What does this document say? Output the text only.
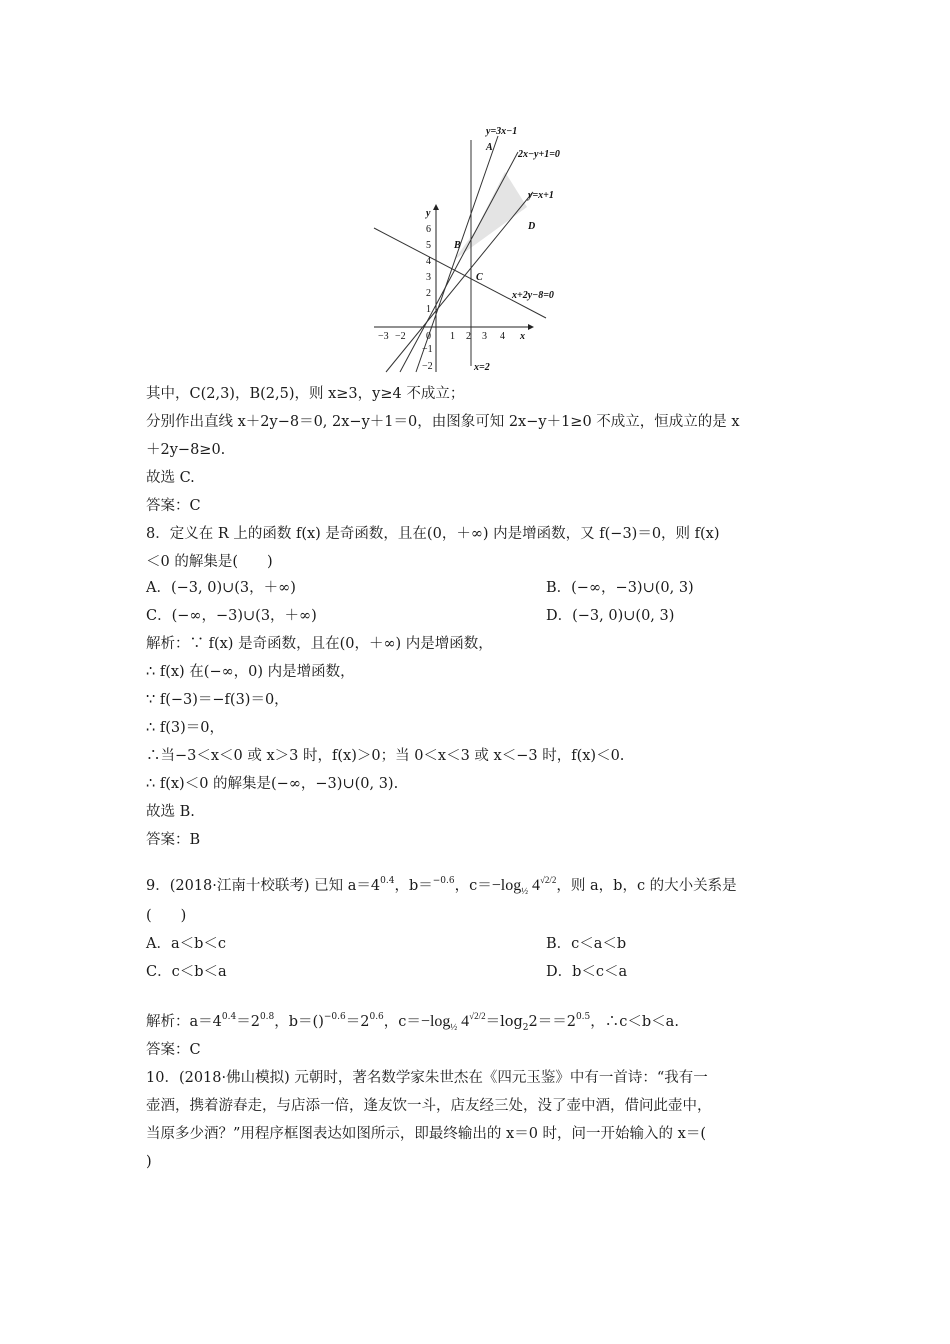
y=3x−1
2x−y+1=0
y=x+1
x+2y−8=0
x=2
A
B
C
D
y
x
0
6
5
4
3
2
1
−1
−2
−3 −2	1 2 3 4
其中，C(2,3)，B(2,5)，则 x≥3，y≥4 不成立；
分别作出直线 x＋2y−8＝0, 2x−y＋1＝0，由图象可知 2x−y＋1≥0 不成立，恒成立的是 x
＋2y−8≥0.
故选 C.
答案：C
8．定义在 R 上的函数 f(x) 是奇函数，且在(0，＋∞) 内是增函数，又 f(−3)＝0，则 f(x)
＜0 的解集是(　　)
A．(−3, 0)∪(3，＋∞)	B．(−∞，−3)∪(0, 3)
C．(−∞，−3)∪(3，＋∞)	D．(−3, 0)∪(0, 3)
解析：∵ f(x) 是奇函数，且在(0，＋∞) 内是增函数，
∴ f(x) 在(−∞，0) 内是增函数，
∵ f(−3)＝−f(3)＝0，
∴ f(3)＝0，
∴当−3＜x＜0 或 x＞3 时，f(x)＞0；当 0＜x＜3 或 x＜−3 时，f(x)＜0.
∴ f(x)＜0 的解集是(−∞，−3)∪(0, 3).
故选 B.
答案：B
9．(2018·江南十校联考) 已知 $a=4^{0.4}$，b＝$^{-0.6}$，$c=-\log_{\frac{1}{2}}$ $4^{√2/2}$，则 a，b，c 的大小关系是
(　　)
A．a＜b＜c	B．c＜a＜b
C．c＜b＜a	D．b＜c＜a
解析：$a=4^{0.4}=2^{0.8}$，$b=()^{-0.6}=2^{0.6}$，$c=-\log_{\frac{1}{2}}$ $4^{√2/2}=\log_22==2^{0.5}$，∴c＜b＜a.
答案：C
10．(2018·佛山模拟) 元朝时，著名数学家朱世杰在《四元玉鉴》中有一首诗：“我有一
壶酒，携着游春走，与店添一倍，逢友饮一斗，店友经三处，没了壶中酒，借问此壶中，
当原多少酒？”用程序框图表达如图所示，即最终输出的 x＝0 时，问一开始输入的 x＝(
)
